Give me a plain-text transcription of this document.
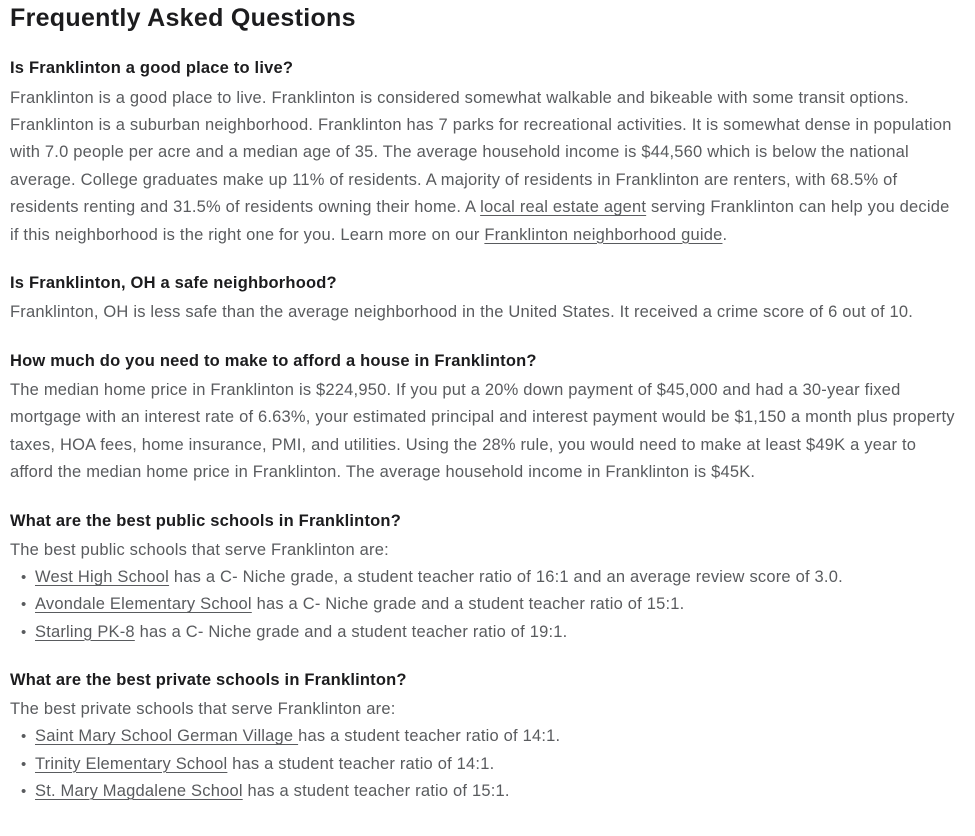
Frequently Asked Questions
Is Franklinton a good place to live?

Franklinton is a good place to live. Franklinton is considered somewhat walkable and bikeable with some transit options. Franklinton is a suburban neighborhood. Franklinton has 7 parks for recreational activities. It is somewhat dense in population with 7.0 people per acre and a median age of 35. The average household income is $44,560 which is below the national average. College graduates make up 11% of residents. A majority of residents in Franklinton are renters, with 68.5% of residents renting and 31.5% of residents owning their home. A local real estate agent serving Franklinton can help you decide if this neighborhood is the right one for you. Learn more on our Franklinton neighborhood guide.

Is Franklinton, OH a safe neighborhood?

Franklinton, OH is less safe than the average neighborhood in the United States. It received a crime score of 6 out of 10.

How much do you need to make to afford a house in Franklinton?

The median home price in Franklinton is $224,950. If you put a 20% down payment of $45,000 and had a 30-year fixed mortgage with an interest rate of 6.63%, your estimated principal and interest payment would be $1,150 a month plus property taxes, HOA fees, home insurance, PMI, and utilities. Using the 28% rule, you would need to make at least $49K a year to afford the median home price in Franklinton. The average household income in Franklinton is $45K.

What are the best public schools in Franklinton?

The best public schools that serve Franklinton are:

• West High School has a C- Niche grade, a student teacher ratio of 16:1 and an average review score of 3.0.
• Avondale Elementary School has a C- Niche grade and a student teacher ratio of 15:1.
• Starling PK-8 has a C- Niche grade and a student teacher ratio of 19:1.
What are the best private schools in Franklinton?

The best private schools that serve Franklinton are:

• Saint Mary School German Village has a student teacher ratio of 14:1.
• Trinity Elementary School has a student teacher ratio of 14:1.
• St. Mary Magdalene School has a student teacher ratio of 15:1.
